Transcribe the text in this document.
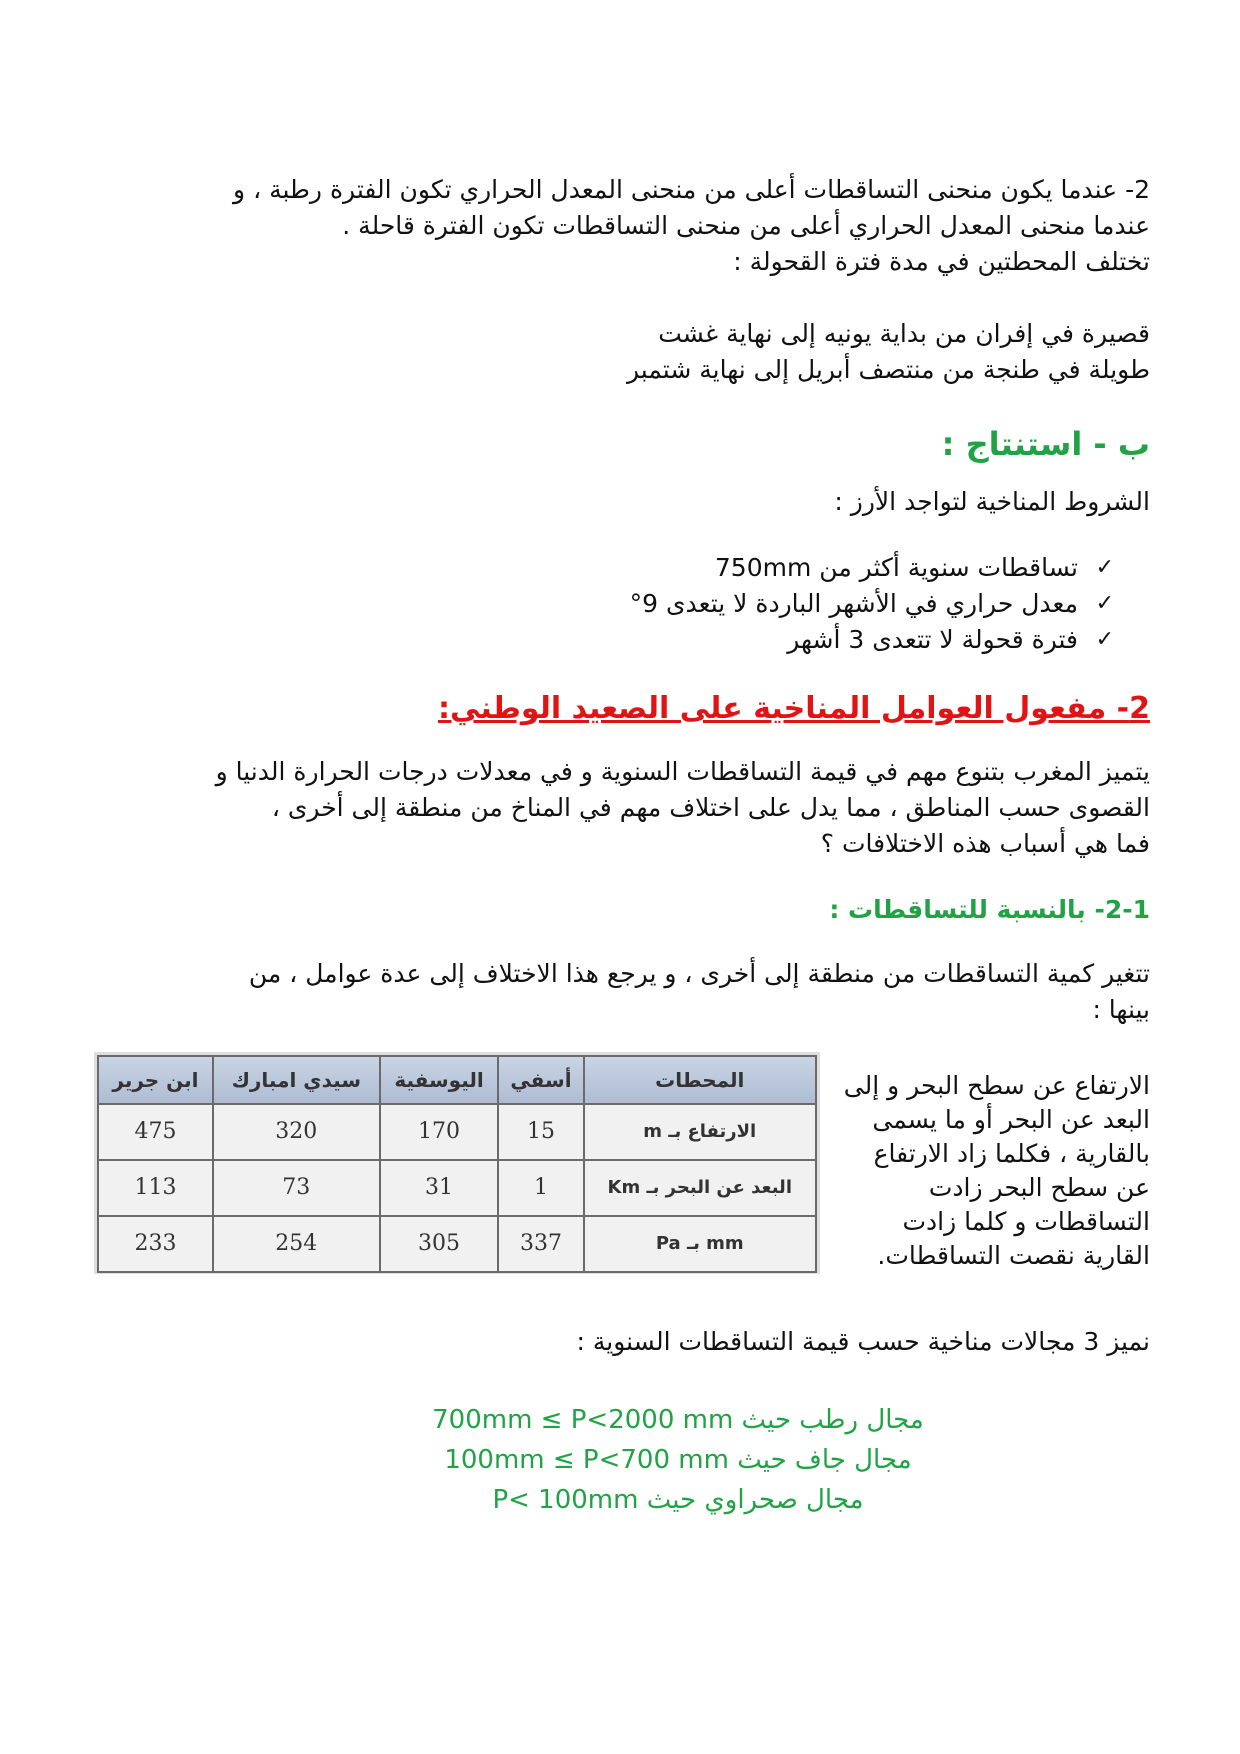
2- عندما يكون منحنى التساقطات أعلى من منحنى المعدل الحراري تكون الفترة رطبة ، و

عندما منحنى المعدل الحراري أعلى من منحنى التساقطات تكون الفترة قاحلة .

تختلف المحطتين في مدة فترة القحولة :

قصيرة في إفران من بداية يونيه إلى نهاية غشت

طويلة في طنجة من منتصف أبريل إلى نهاية شتمبر

ب - استنتاج :

الشروط المناخية لتواجد الأرز :

✓
تساقطات سنوية أكثر من 750mm
✓
معدل حراري في الأشهر الباردة لا يتعدى 9°
✓
فترة قحولة لا تتعدى 3 أشهر
2- مفعول العوامل المناخية على الصعيد الوطني:

يتميز المغرب بتنوع مهم في قيمة التساقطات السنوية و في معدلات درجات الحرارة الدنيا و

القصوى حسب المناطق ، مما يدل على اختلاف مهم في المناخ من منطقة إلى أخرى ،

فما هي أسباب هذه الاختلافات ؟

2-1- بالنسبة للتساقطات :

تتغير كمية التساقطات من منطقة إلى أخرى ، و يرجع هذا الاختلاف إلى عدة عوامل ، من

بينها :

الارتفاع عن سطح البحر و إلى البعد عن البحر أو ما يسمى بالقارية ، فكلما زاد الارتفاع عن سطح البحر زادت التساقطات و كلما زادت القارية نقصت التساقطات.

المحطات	أسفي	اليوسفية	سيدي امبارك	ابن جرير
الارتفاع بـ m	15	170	320	475
البعد عن البحر بـ Km	1	31	73	113
mm بـ Pa	337	305	254	233

نميز 3 مجالات مناخية حسب قيمة التساقطات السنوية :

مجال رطب حيث 700mm ≤ P<2000 mm

مجال جاف حيث 100mm ≤ P<700 mm

مجال صحراوي حيث P< 100mm
